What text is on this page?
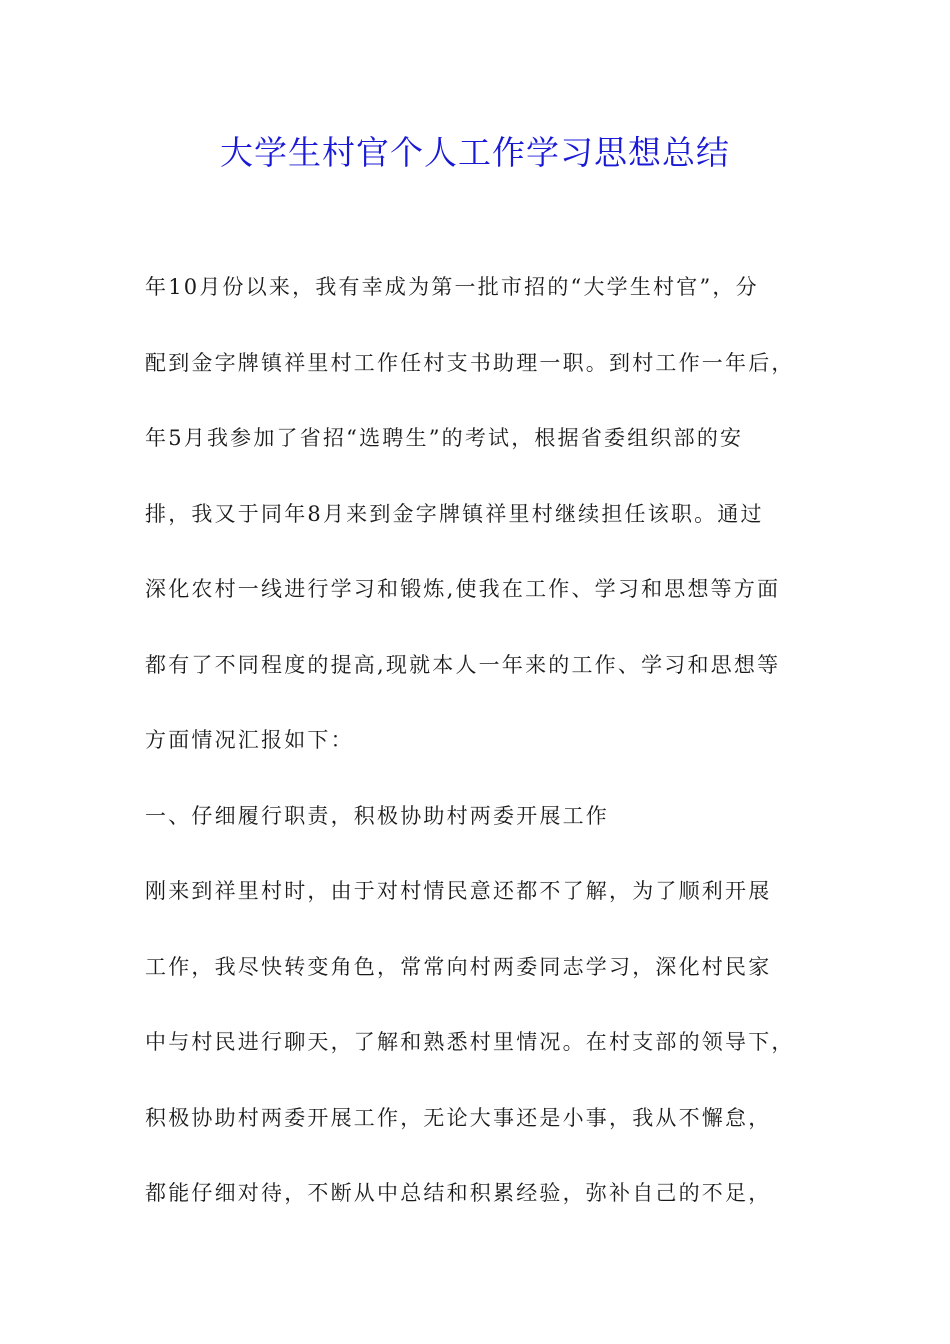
大学生村官个人工作学习思想总结
年10月份以来，我有幸成为第一批市招的“大学生村官”，分
配到金字牌镇祥里村工作任村支书助理一职。到村工作一年后，
年5月我参加了省招“选聘生”的考试，根据省委组织部的安
排，我又于同年8月来到金字牌镇祥里村继续担任该职。通过
深化农村一线进行学习和锻炼,使我在工作、学习和思想等方面
都有了不同程度的提高,现就本人一年来的工作、学习和思想等
方面情况汇报如下：
一、仔细履行职责，积极协助村两委开展工作
刚来到祥里村时，由于对村情民意还都不了解，为了顺利开展
工作，我尽快转变角色，常常向村两委同志学习，深化村民家
中与村民进行聊天，了解和熟悉村里情况。在村支部的领导下，
积极协助村两委开展工作，无论大事还是小事，我从不懈怠，
都能仔细对待，不断从中总结和积累经验，弥补自己的不足，
